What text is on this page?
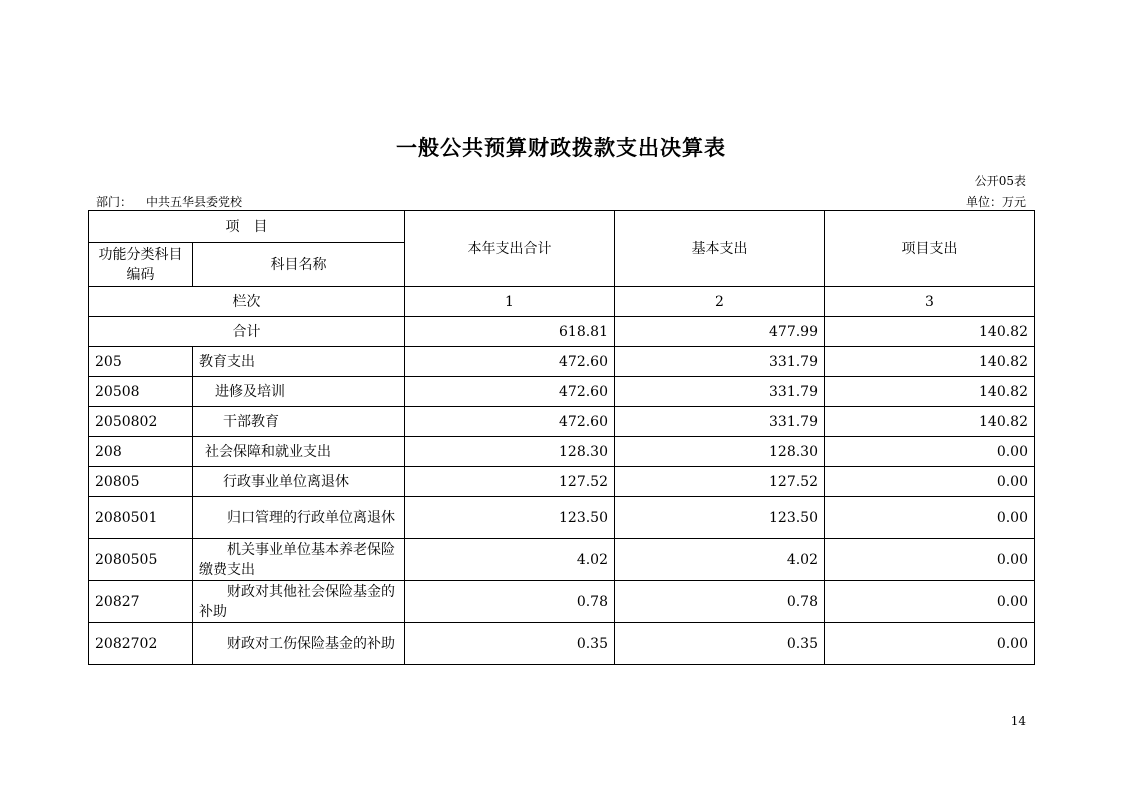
一般公共预算财政拨款支出决算表
公开05表
部门： 中共五华县委党校	单位：万元
项　目		本年支出合计	基本支出	项目支出
功能分类科目编码	科目名称			
栏次		1	2	3
合计		618.81	477.99	140.82
205	教育支出	472.60	331.79	140.82
20508	进修及培训	472.60	331.79	140.82
2050802	干部教育	472.60	331.79	140.82
208	社会保障和就业支出	128.30	128.30	0.00
20805	行政事业单位离退休	127.52	127.52	0.00
2080501	归口管理的行政单位离退休	123.50	123.50	0.00
2080505	机关事业单位基本养老保险缴费支出	4.02	4.02	0.00
20827	财政对其他社会保险基金的补助	0.78	0.78	0.00
2082702	财政对工伤保险基金的补助	0.35	0.35	0.00
14
